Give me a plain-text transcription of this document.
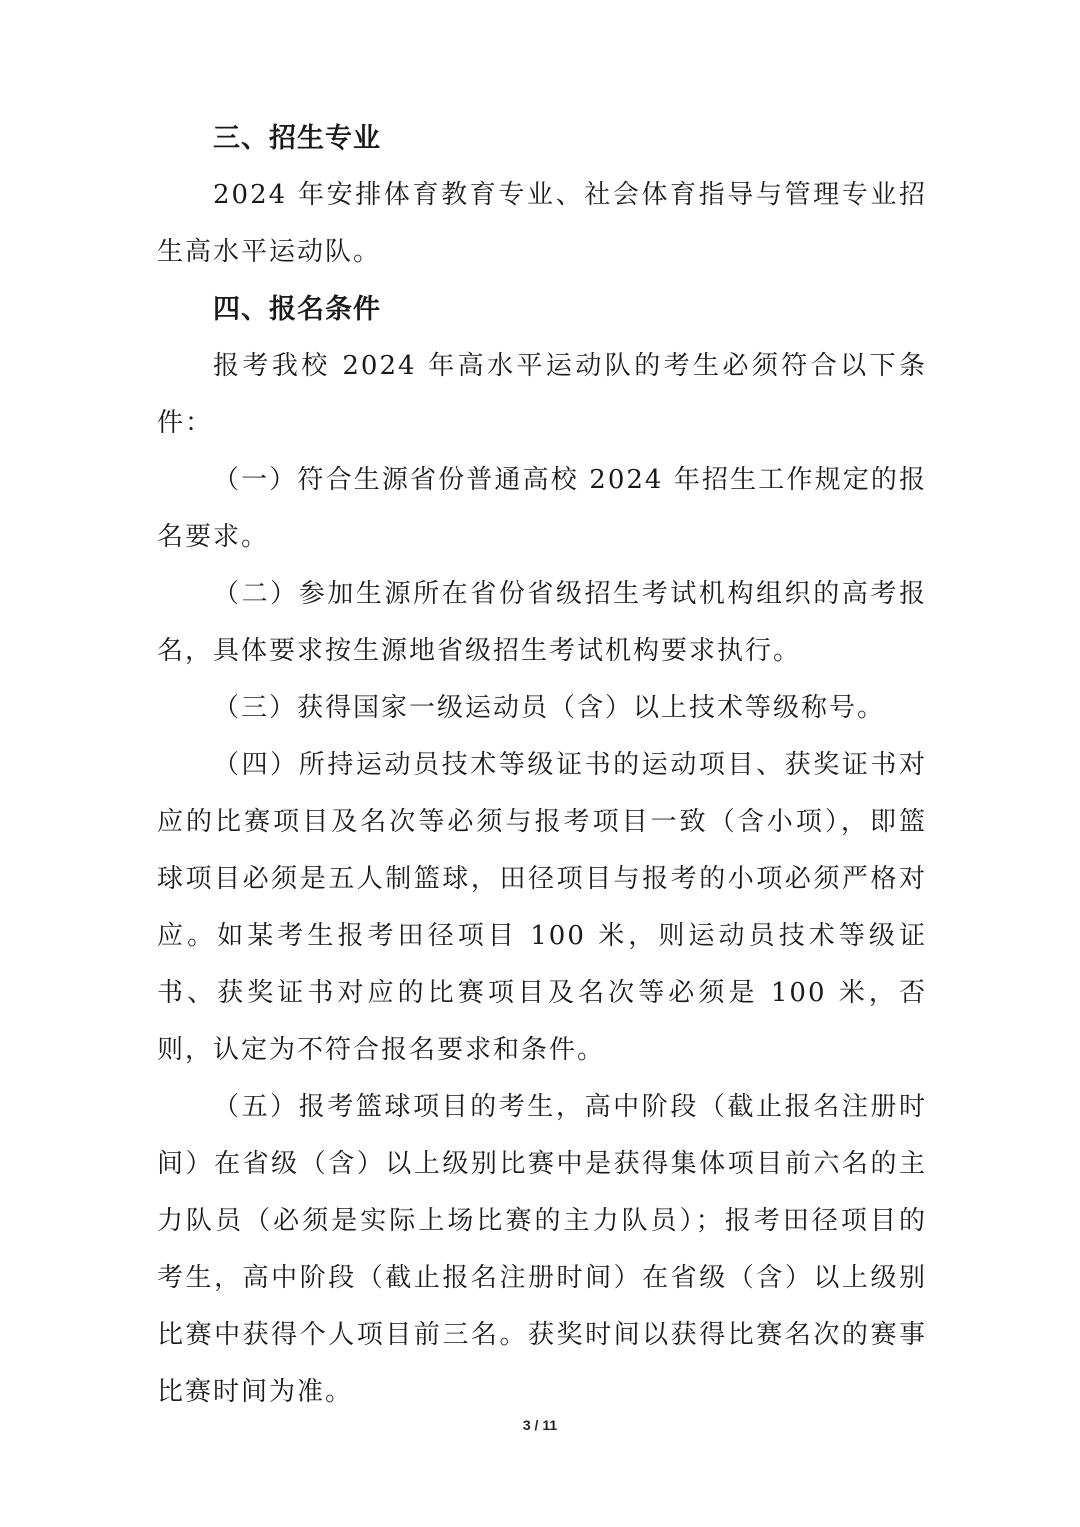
三、招生专业

2024 年安排体育教育专业、社会体育指导与管理专业招生高水平运动队。

四、报名条件

报考我校 2024 年高水平运动队的考生必须符合以下条件：

（一）符合生源省份普通高校 2024 年招生工作规定的报名要求。

（二）参加生源所在省份省级招生考试机构组织的高考报名，具体要求按生源地省级招生考试机构要求执行。

（三）获得国家一级运动员（含）以上技术等级称号。

（四）所持运动员技术等级证书的运动项目、获奖证书对应的比赛项目及名次等必须与报考项目一致（含小项），即篮球项目必须是五人制篮球，田径项目与报考的小项必须严格对应。如某考生报考田径项目 100 米，则运动员技术等级证书、获奖证书对应的比赛项目及名次等必须是 100 米，否则，认定为不符合报名要求和条件。

（五）报考篮球项目的考生，高中阶段（截止报名注册时间）在省级（含）以上级别比赛中是获得集体项目前六名的主力队员（必须是实际上场比赛的主力队员）；报考田径项目的考生，高中阶段（截止报名注册时间）在省级（含）以上级别比赛中获得个人项目前三名。获奖时间以获得比赛名次的赛事比赛时间为准。

3 / 11
